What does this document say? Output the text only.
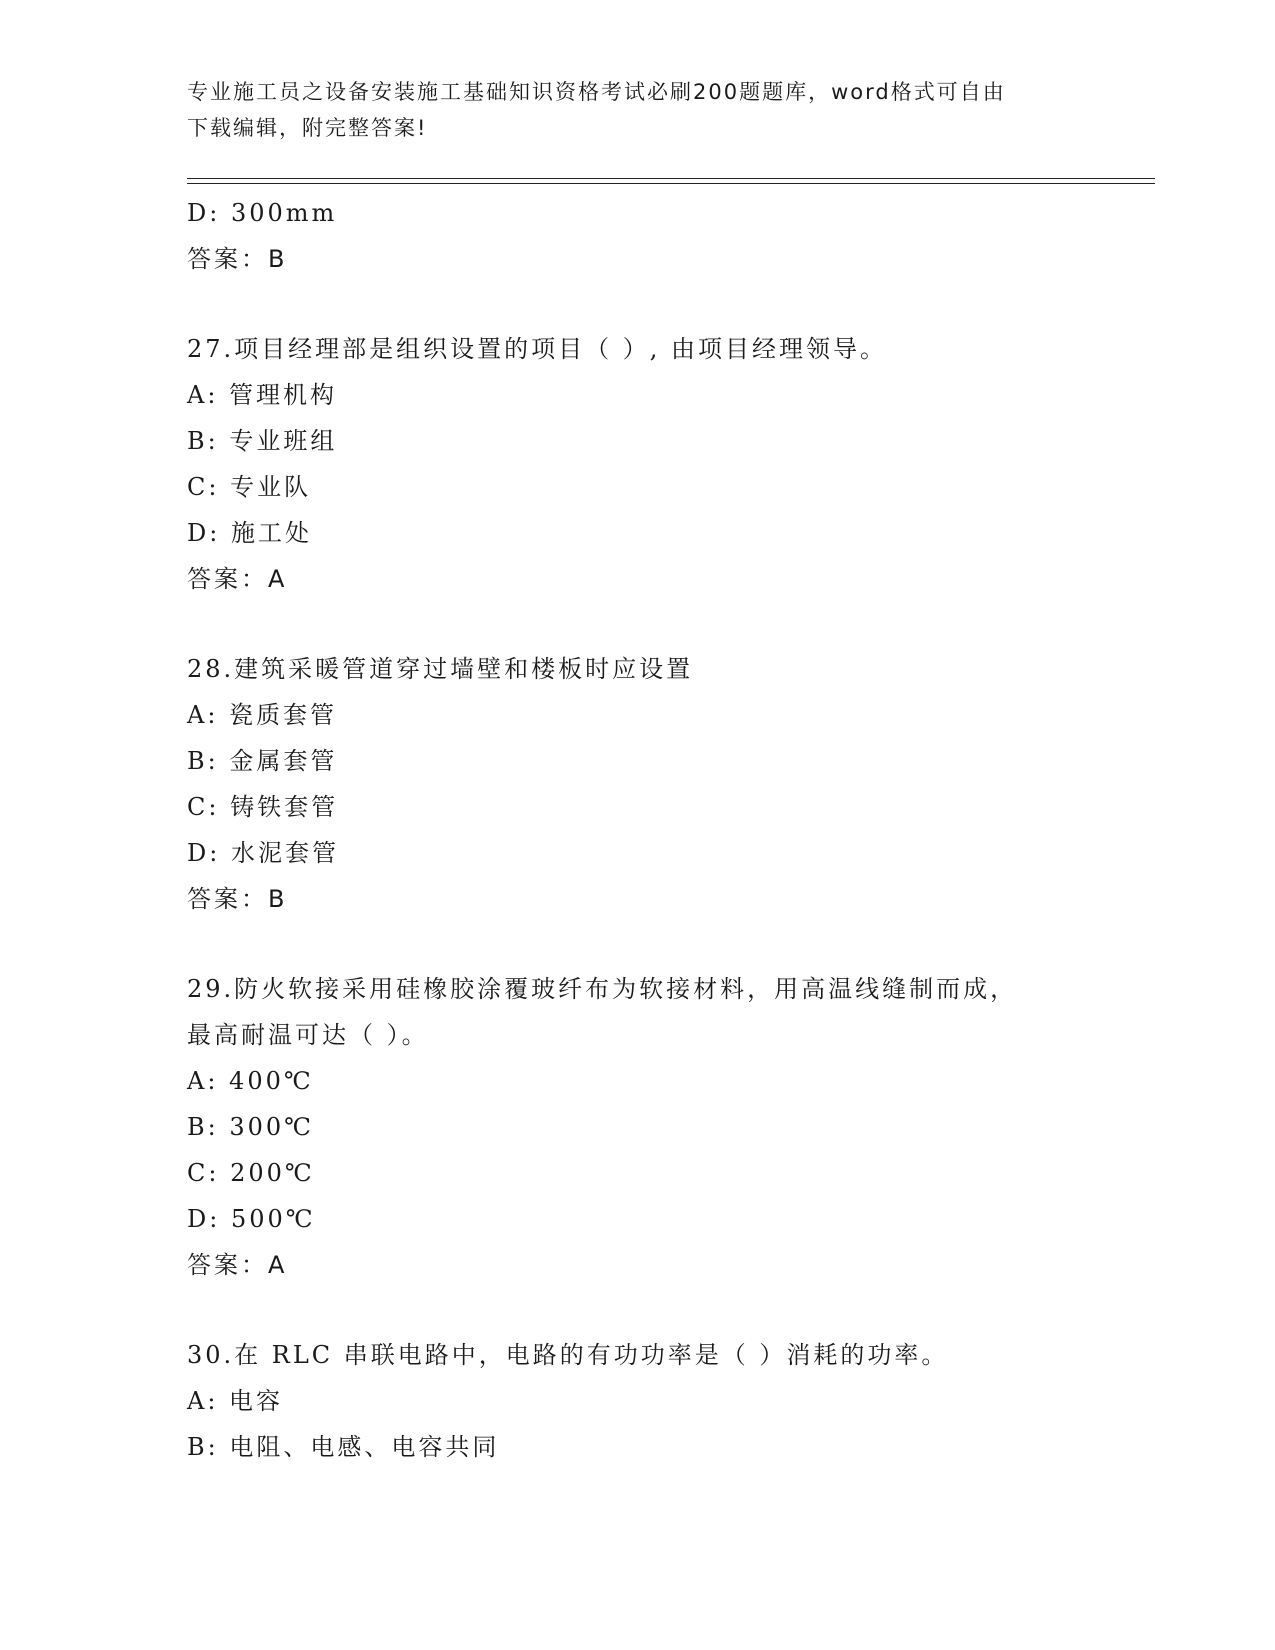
专业施工员之设备安装施工基础知识资格考试必刷200题题库，word格式可自由
下载编辑，附完整答案!
D: 300mm
答案：B
27.项目经理部是组织设置的项目（ ）, 由项目经理领导。
A: 管理机构
B: 专业班组
C: 专业队
D: 施工处
答案：A
28.建筑采暖管道穿过墙壁和楼板时应设置
A: 瓷质套管
B: 金属套管
C: 铸铁套管
D: 水泥套管
答案：B
29.防火软接采用硅橡胶涂覆玻纤布为软接材料，用高温线缝制而成，
最高耐温可达（ ）。
A: 400℃
B: 300℃
C: 200℃
D: 500℃
答案：A
30.在 RLC 串联电路中，电路的有功功率是（ ）消耗的功率。
A: 电容
B: 电阻、电感、电容共同
